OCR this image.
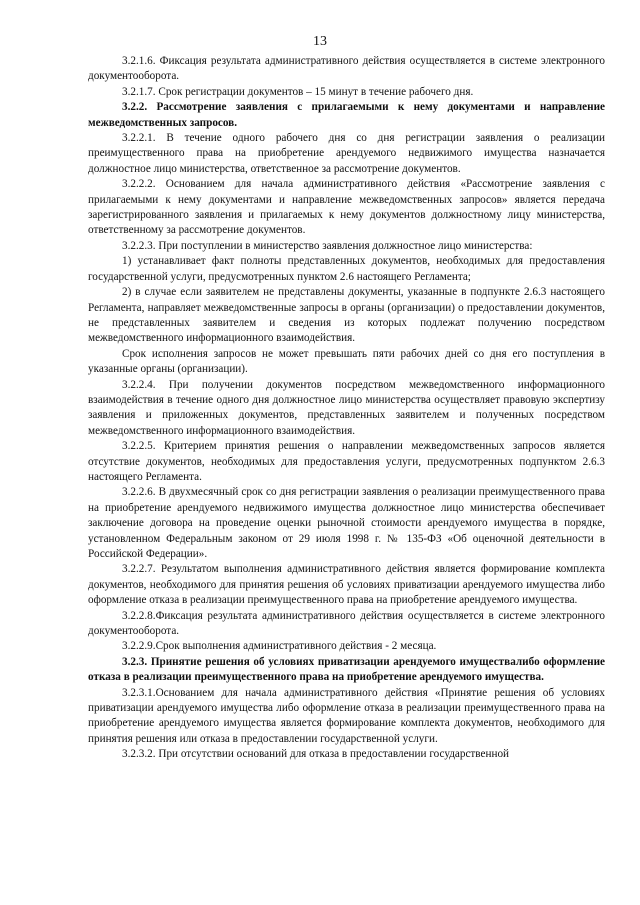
13

3.2.1.6. Фиксация результата административного действия осуществляется в системе электронного документооборота.

3.2.1.7. Срок регистрации документов – 15 минут в течение рабочего дня.

3.2.2. Рассмотрение заявления с прилагаемыми к нему документами и направление межведомственных запросов.

3.2.2.1. В течение одного рабочего дня со дня регистрации заявления о реализации преимущественного права на приобретение арендуемого недвижимого имущества назначается должностное лицо министерства, ответственное за рассмотрение документов.

3.2.2.2. Основанием для начала административного действия «Рассмотрение заявления с прилагаемыми к нему документами и направление межведомственных запросов» является передача зарегистрированного заявления и прилагаемых к нему документов должностному лицу министерства, ответственному за рассмотрение документов.

3.2.2.3. При поступлении в министерство заявления должностное лицо министерства:

1) устанавливает факт полноты представленных документов, необходимых для предоставления государственной услуги, предусмотренных пунктом 2.6 настоящего Регламента;

2) в случае если заявителем не представлены документы, указанные в подпункте 2.6.3 настоящего Регламента, направляет межведомственные запросы в органы (организации) о предоставлении документов, не представленных заявителем и сведения из которых подлежат получению посредством межведомственного информационного взаимодействия.

Срок исполнения запросов не может превышать пяти рабочих дней со дня его поступления в указанные органы (организации).

3.2.2.4. При получении документов посредством межведомственного информационного взаимодействия в течение одного дня должностное лицо министерства осуществляет правовую экспертизу заявления и приложенных документов, представленных заявителем и полученных посредством межведомственного информационного взаимодействия.

3.2.2.5. Критерием принятия решения о направлении межведомственных запросов является отсутствие документов, необходимых для предоставления услуги, предусмотренных подпунктом 2.6.3 настоящего Регламента.

3.2.2.6. В двухмесячный срок со дня регистрации заявления о реализации преимущественного права на приобретение арендуемого недвижимого имущества должностное лицо министерства обеспечивает заключение договора на проведение оценки рыночной стоимости арендуемого имущества в порядке, установленном Федеральным законом от 29 июля 1998 г. № 135-ФЗ «Об оценочной деятельности в Российской Федерации».

3.2.2.7. Результатом выполнения административного действия является формирование комплекта документов, необходимого для принятия решения об условиях приватизации арендуемого имущества либо оформление отказа в реализации преимущественного права на приобретение арендуемого имущества.

3.2.2.8.Фиксация результата административного действия осуществляется в системе электронного документооборота.

3.2.2.9.Срок выполнения административного действия - 2 месяца.

3.2.3. Принятие решения об условиях приватизации арендуемого имуществалибо оформление отказа в реализации преимущественного права на приобретение арендуемого имущества.

3.2.3.1.Основанием для начала административного действия «Принятие решения об условиях приватизации арендуемого имущества либо оформление отказа в реализации преимущественного права на приобретение арендуемого имущества является формирование комплекта документов, необходимого для принятия решения или отказа в предоставлении государственной услуги.

3.2.3.2. При отсутствии оснований для отказа в предоставлении государственной
